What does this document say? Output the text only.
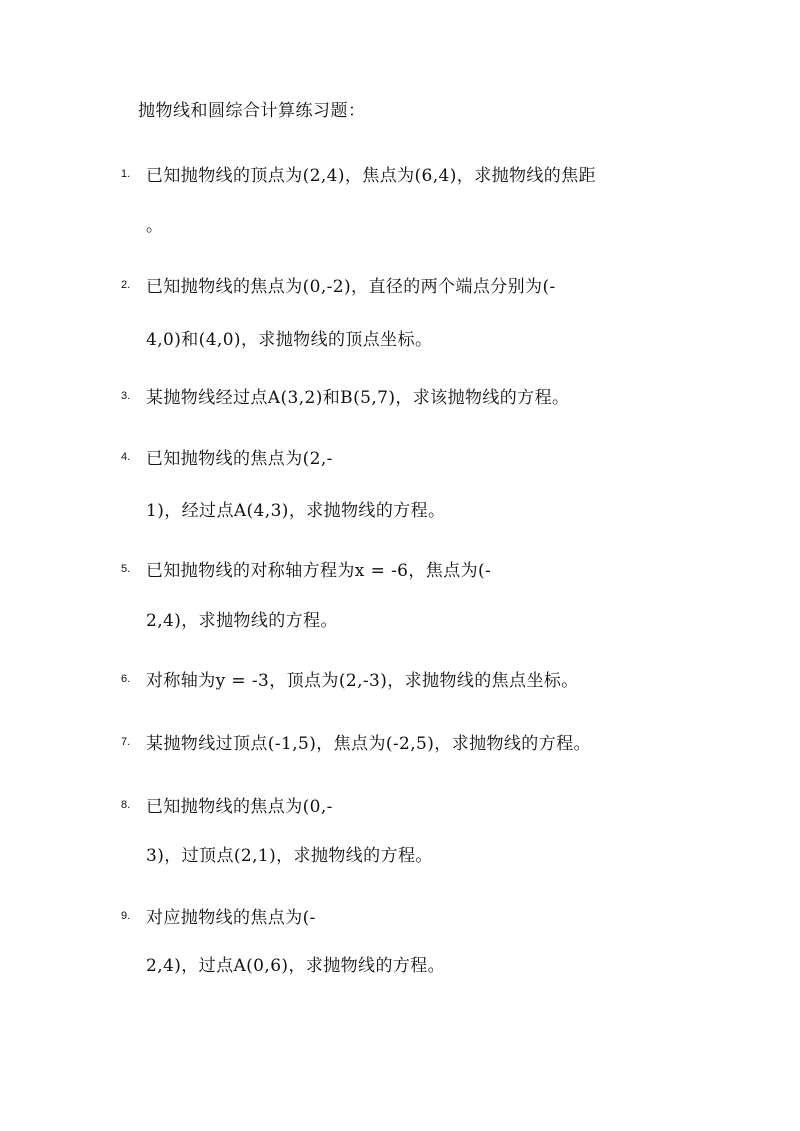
抛物线和圆综合计算练习题：
1. 已知抛物线的顶点为(2,4)，焦点为(6,4)，求抛物线的焦距
。
2. 已知抛物线的焦点为(0,-2)，直径的两个端点分别为(-
4,0)和(4,0)，求抛物线的顶点坐标。
3. 某抛物线经过点A(3,2)和B(5,7)，求该抛物线的方程。
4. 已知抛物线的焦点为(2,-
1)，经过点A(4,3)，求抛物线的方程。
5. 已知抛物线的对称轴方程为x = -6，焦点为(-
2,4)，求抛物线的方程。
6. 对称轴为y = -3，顶点为(2,-3)，求抛物线的焦点坐标。
7. 某抛物线过顶点(-1,5)，焦点为(-2,5)，求抛物线的方程。
8. 已知抛物线的焦点为(0,-
3)，过顶点(2,1)，求抛物线的方程。
9. 对应抛物线的焦点为(-
2,4)，过点A(0,6)，求抛物线的方程。
